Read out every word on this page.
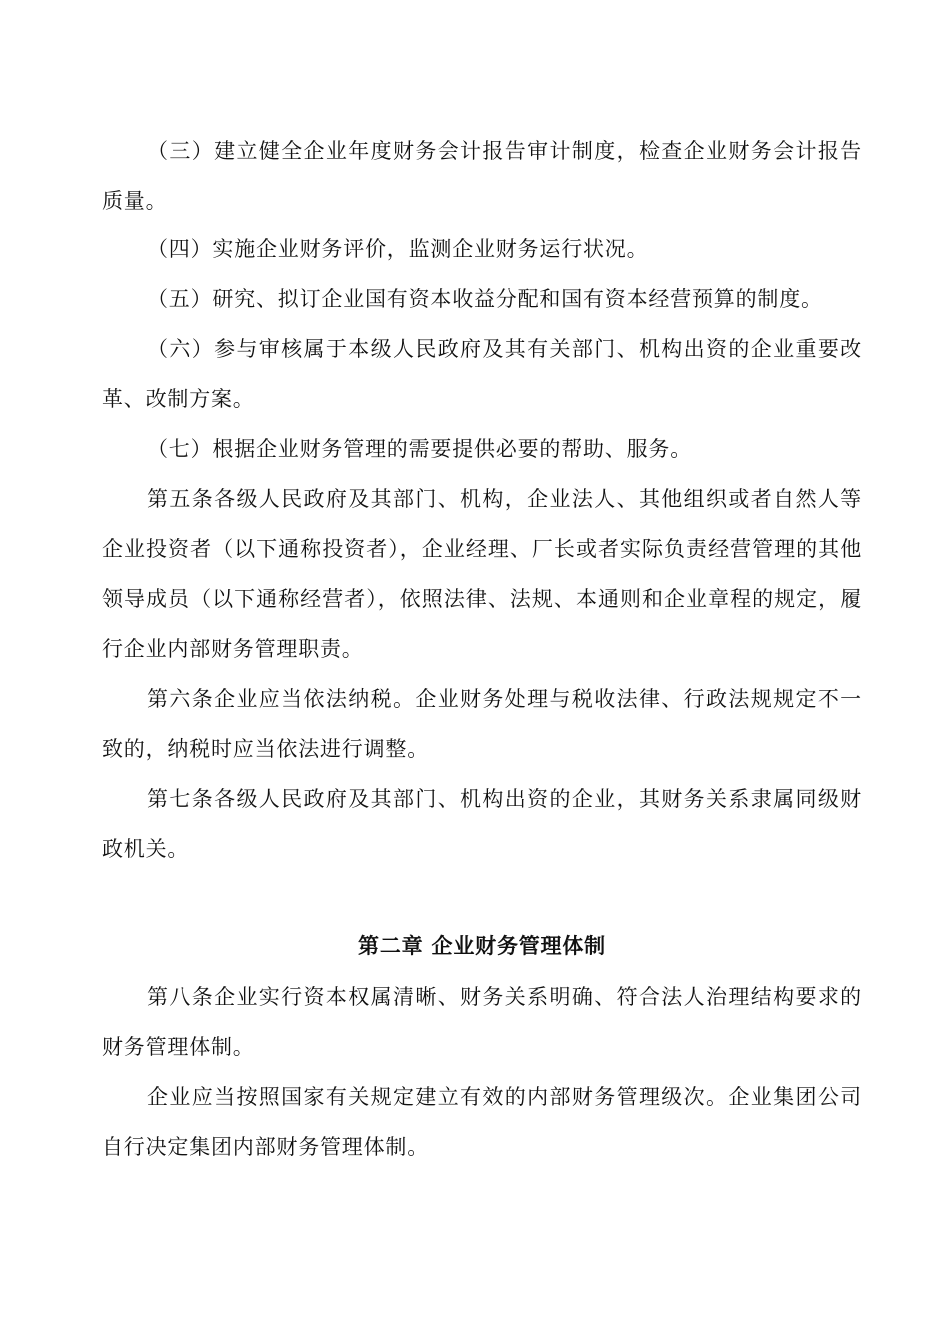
（三）建立健全企业年度财务会计报告审计制度，检查企业财务会计报告质量。

（四）实施企业财务评价，监测企业财务运行状况。

（五）研究、拟订企业国有资本收益分配和国有资本经营预算的制度。

（六）参与审核属于本级人民政府及其有关部门、机构出资的企业重要改革、改制方案。

（七）根据企业财务管理的需要提供必要的帮助、服务。

第五条各级人民政府及其部门、机构，企业法人、其他组织或者自然人等企业投资者（以下通称投资者），企业经理、厂长或者实际负责经营管理的其他领导成员（以下通称经营者），依照法律、法规、本通则和企业章程的规定，履行企业内部财务管理职责。

第六条企业应当依法纳税。企业财务处理与税收法律、行政法规规定不一致的，纳税时应当依法进行调整。

第七条各级人民政府及其部门、机构出资的企业，其财务关系隶属同级财政机关。

第二章 企业财务管理体制

第八条企业实行资本权属清晰、财务关系明确、符合法人治理结构要求的财务管理体制。

企业应当按照国家有关规定建立有效的内部财务管理级次。企业集团公司自行决定集团内部财务管理体制。
